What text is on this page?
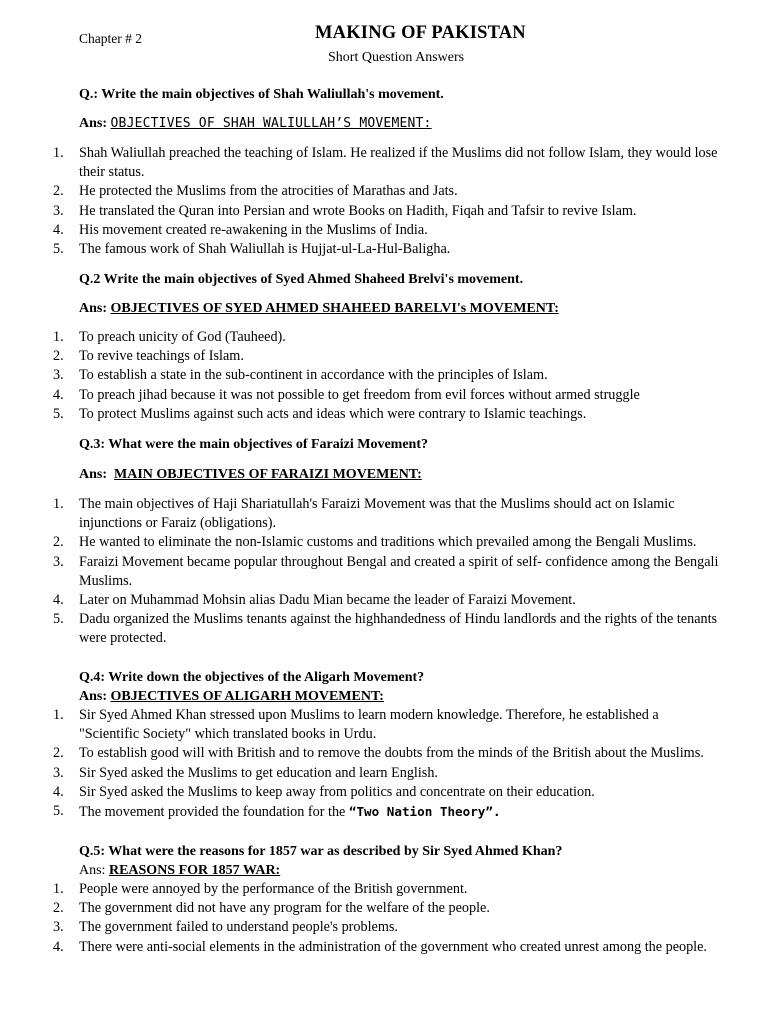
Chapter # 2	MAKING OF PAKISTAN
Short Question Answers
Q.: Write the main objectives of Shah Waliullah's movement.
Ans: OBJECTIVES OF SHAH WALIULLAH’S MOVEMENT:
1. Shah Waliullah preached the teaching of Islam. He realized if the Muslims did not follow Islam, they would lose their status.
2. He protected the Muslims from the atrocities of Marathas and Jats.
3. He translated the Quran into Persian and wrote Books on Hadith, Fiqah and Tafsir to revive Islam.
4. His movement created re-awakening in the Muslims of India.
5. The famous work of Shah Waliullah is Hujjat-ul-La-Hul-Baligha.
Q.2 Write the main objectives of Syed Ahmed Shaheed Brelvi's movement.
Ans: OBJECTIVES OF SYED AHMED SHAHEED BARELVI's MOVEMENT:
1. To preach unicity of God (Tauheed).
2. To revive teachings of Islam.
3. To establish a state in the sub-continent in accordance with the principles of Islam.
4. To preach jihad because it was not possible to get freedom from evil forces without armed struggle
5. To protect Muslims against such acts and ideas which were contrary to Islamic teachings.
Q.3: What were the main objectives of Faraizi Movement?
Ans: MAIN OBJECTIVES OF FARAIZI MOVEMENT:
1. The main objectives of Haji Shariatullah's Faraizi Movement was that the Muslims should act on Islamic injunctions or Faraiz (obligations).
2. He wanted to eliminate the non-Islamic customs and traditions which prevailed among the Bengali Muslims.
3. Faraizi Movement became popular throughout Bengal and created a spirit of self- confidence among the Bengali Muslims.
4. Later on Muhammad Mohsin alias Dadu Mian became the leader of Faraizi Movement.
5. Dadu organized the Muslims tenants against the highhandedness of Hindu landlords and the rights of the tenants were protected.
Q.4: Write down the objectives of the Aligarh Movement?
Ans: OBJECTIVES OF ALIGARH MOVEMENT:
1. Sir Syed Ahmed Khan stressed upon Muslims to learn modern knowledge. Therefore, he established a "Scientific Society" which translated books in Urdu.
2. To establish good will with British and to remove the doubts from the minds of the British about the Muslims.
3. Sir Syed asked the Muslims to get education and learn English.
4. Sir Syed asked the Muslims to keep away from politics and concentrate on their education.
5. The movement provided the foundation for the “Two Nation Theory”.
Q.5: What were the reasons for 1857 war as described by Sir Syed Ahmed Khan?
Ans: REASONS FOR 1857 WAR:
1. People were annoyed by the performance of the British government.
2. The government did not have any program for the welfare of the people.
3. The government failed to understand people's problems.
4. There were anti-social elements in the administration of the government who created unrest among the people.
